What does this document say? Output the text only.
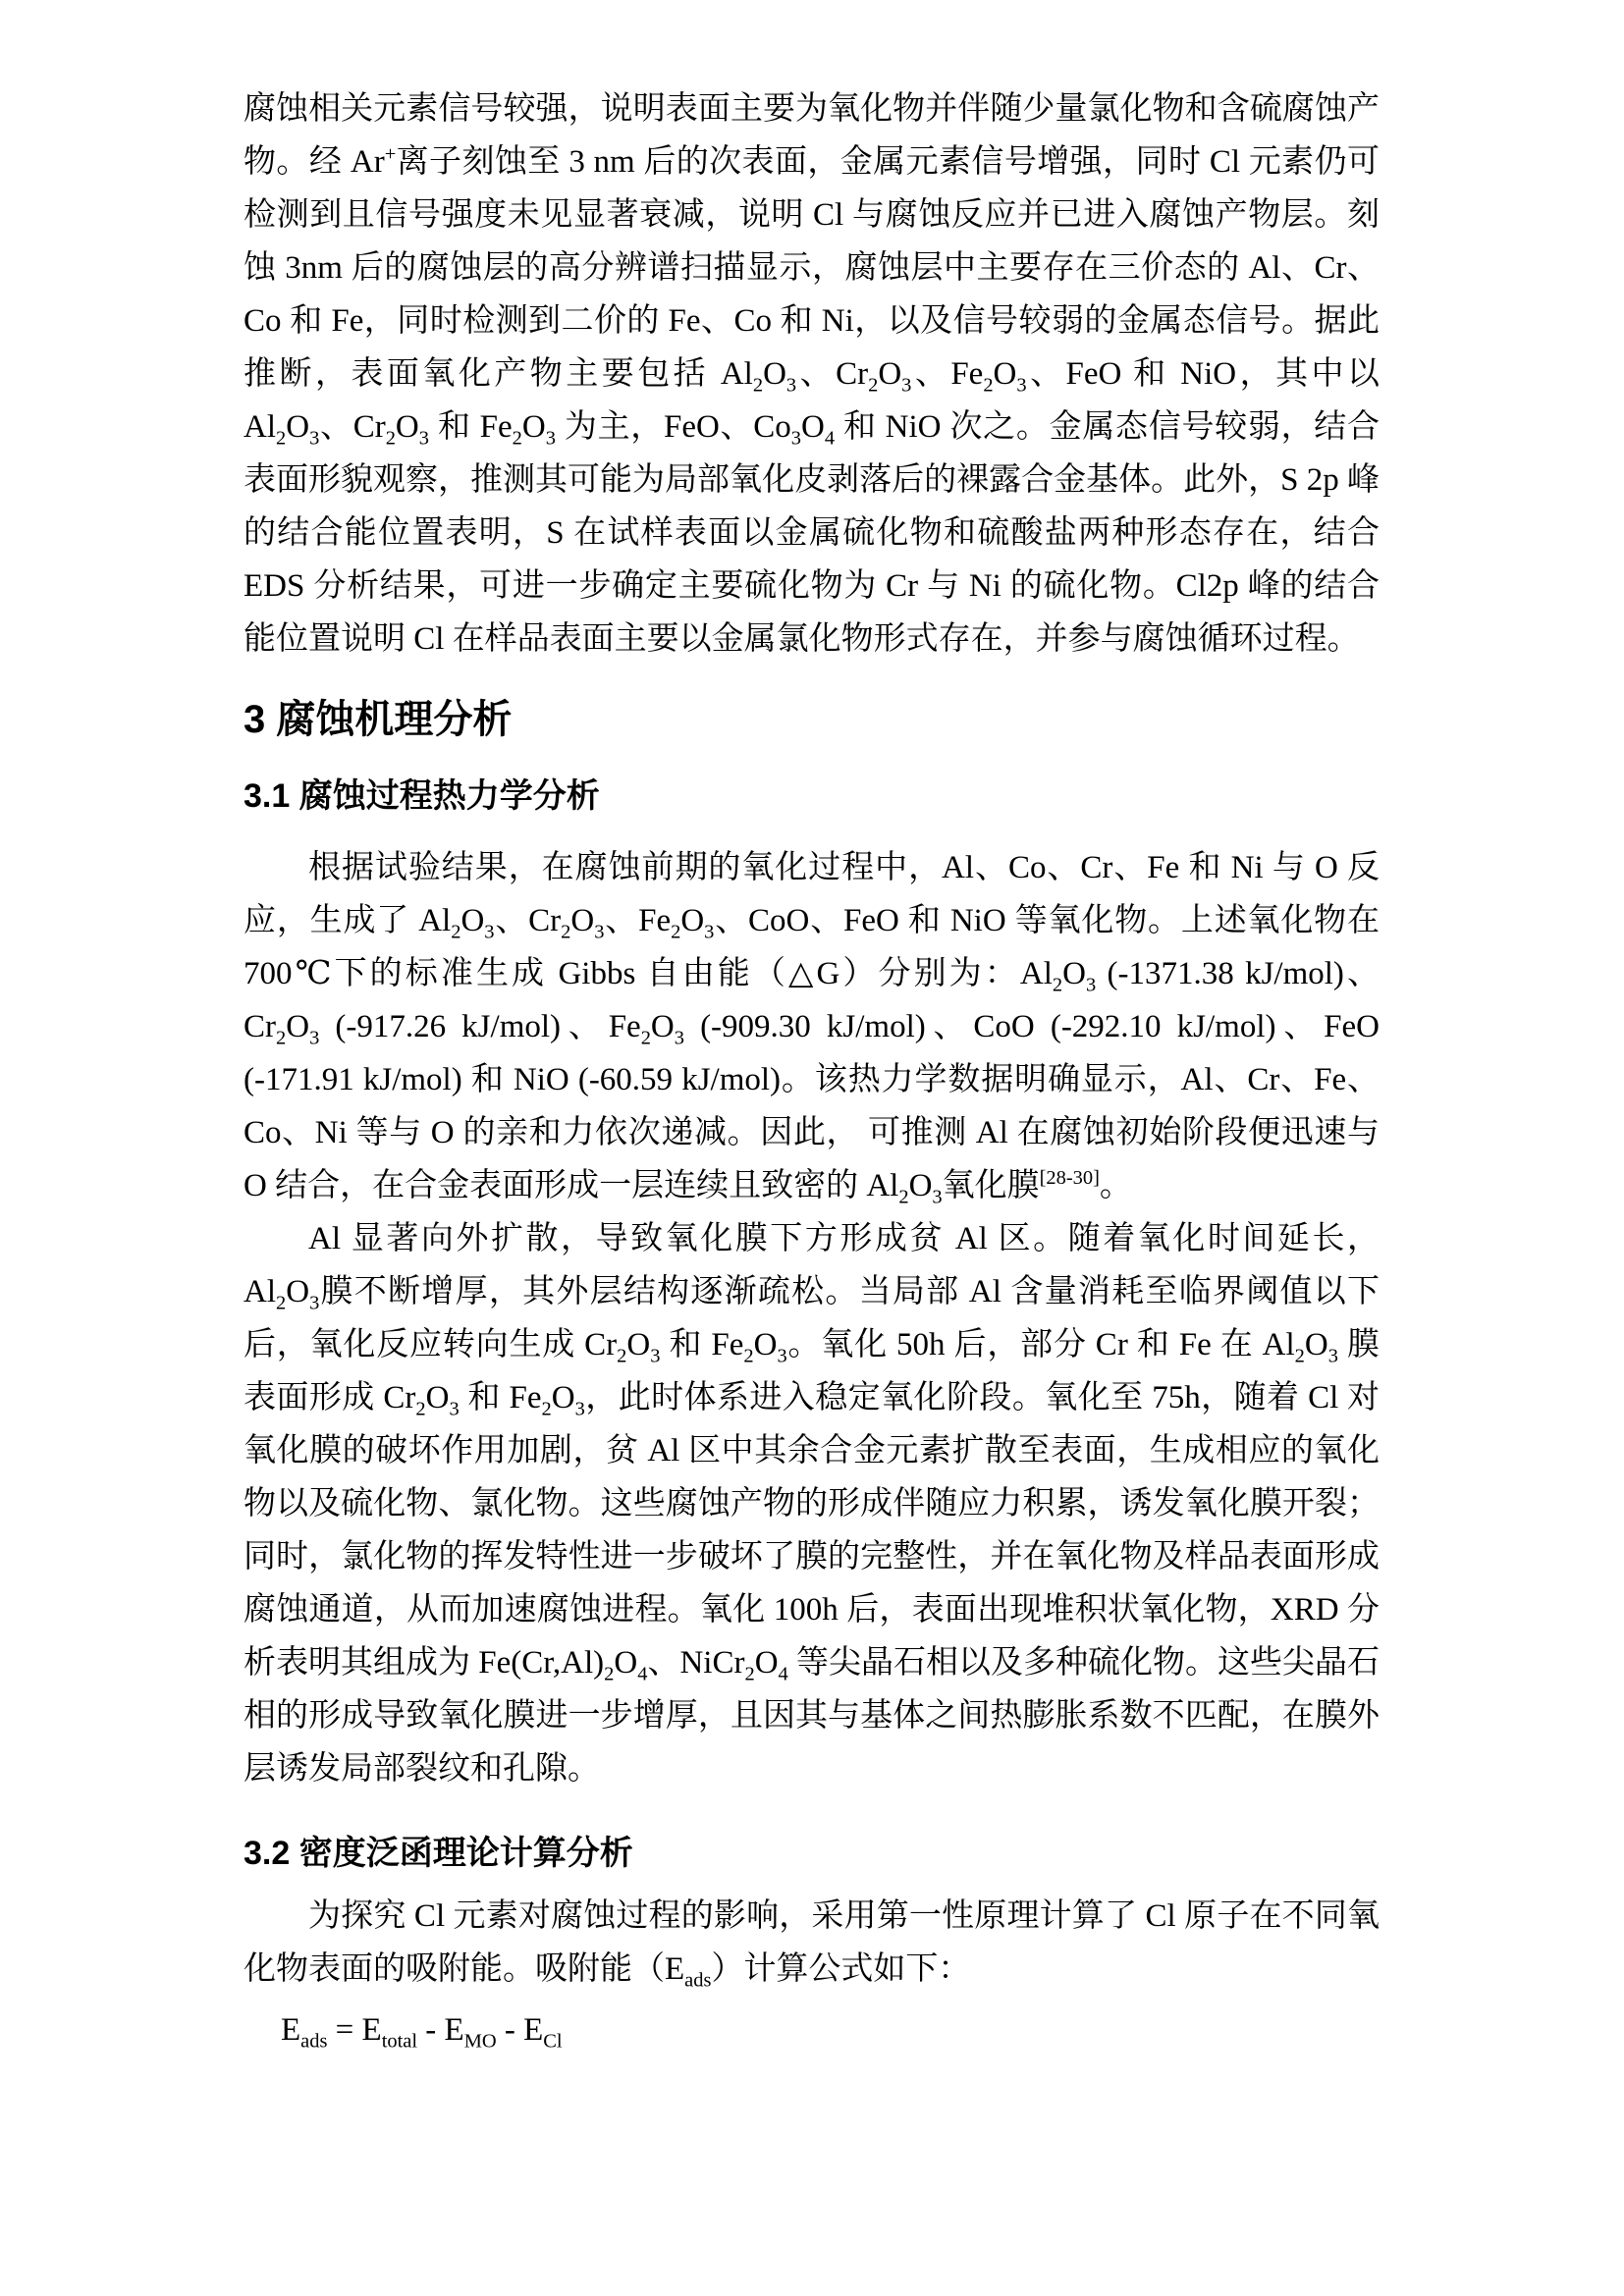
腐蚀相关元素信号较强，说明表面主要为氧化物并伴随少量氯化物和含硫腐蚀产物。经 Ar+离子刻蚀至 3 nm 后的次表面，金属元素信号增强，同时 Cl 元素仍可检测到且信号强度未见显著衰减，说明 Cl 与腐蚀反应并已进入腐蚀产物层。刻蚀 3nm 后的腐蚀层的高分辨谱扫描显示，腐蚀层中主要存在三价态的 Al、Cr、Co 和 Fe，同时检测到二价的 Fe、Co 和 Ni，以及信号较弱的金属态信号。据此推断，表面氧化产物主要包括 $Al_2O_3$、$Cr_2O_3$、$Fe_2O_3$、FeO 和 NiO，其中以 $Al_2O_3$、$Cr_2O_3$ 和 $Fe_2O_3$ 为主，FeO、$Co_3O_4$ 和 NiO 次之。金属态信号较弱，结合表面形貌观察，推测其可能为局部氧化皮剥落后的裸露合金基体。此外，S 2p 峰的结合能位置表明，S 在试样表面以金属硫化物和硫酸盐两种形态存在，结合 EDS 分析结果，可进一步确定主要硫化物为 Cr 与 Ni 的硫化物。Cl2p 峰的结合能位置说明 Cl 在样品表面主要以金属氯化物形式存在，并参与腐蚀循环过程。

3 腐蚀机理分析
3.1 腐蚀过程热力学分析

根据试验结果，在腐蚀前期的氧化过程中，Al、Co、Cr、Fe 和 Ni 与 O 反应，生成了 $Al_2O_3$、$Cr_2O_3$、$Fe_2O_3$、CoO、FeO 和 NiO 等氧化物。上述氧化物在 700℃下的标准生成 Gibbs 自由能（△G）分别为：$Al_2O_3$ (-1371.38 kJ/mol)、$Cr_2O_3$ (-917.26 kJ/mol)、$Fe_2O_3$ (-909.30 kJ/mol)、CoO (-292.10 kJ/mol)、FeO (-171.91 kJ/mol) 和 NiO (-60.59 kJ/mol)。该热力学数据明确显示，Al、Cr、Fe、Co、Ni 等与 O 的亲和力依次递减。因此， 可推测 Al 在腐蚀初始阶段便迅速与 O 结合，在合金表面形成一层连续且致密的 $Al_2O_3$氧化膜[28-30]。

Al 显著向外扩散，导致氧化膜下方形成贫 Al 区。随着氧化时间延长，$Al_2O_3$膜不断增厚，其外层结构逐渐疏松。当局部 Al 含量消耗至临界阈值以下后，氧化反应转向生成 $Cr_2O_3$ 和 $Fe_2O_3$。氧化 50h 后，部分 Cr 和 Fe 在 $Al_2O_3$ 膜表面形成 $Cr_2O_3$ 和 $Fe_2O_3$，此时体系进入稳定氧化阶段。氧化至 75h，随着 Cl 对氧化膜的破坏作用加剧，贫 Al 区中其余合金元素扩散至表面，生成相应的氧化物以及硫化物、氯化物。这些腐蚀产物的形成伴随应力积累，诱发氧化膜开裂；同时，氯化物的挥发特性进一步破坏了膜的完整性，并在氧化物及样品表面形成腐蚀通道，从而加速腐蚀进程。氧化 100h 后，表面出现堆积状氧化物，XRD 分析表明其组成为 $Fe(Cr,Al)_2O_4$、$NiCr_2O_4$ 等尖晶石相以及多种硫化物。这些尖晶石相的形成导致氧化膜进一步增厚，且因其与基体之间热膨胀系数不匹配，在膜外层诱发局部裂纹和孔隙。

3.2 密度泛函理论计算分析

为探究 Cl 元素对腐蚀过程的影响，采用第一性原理计算了 Cl 原子在不同氧化物表面的吸附能。吸附能$(E_{ads})$计算公式如下：

$E_{ads} = E_{total} - E_{MO} - E_{Cl}$
